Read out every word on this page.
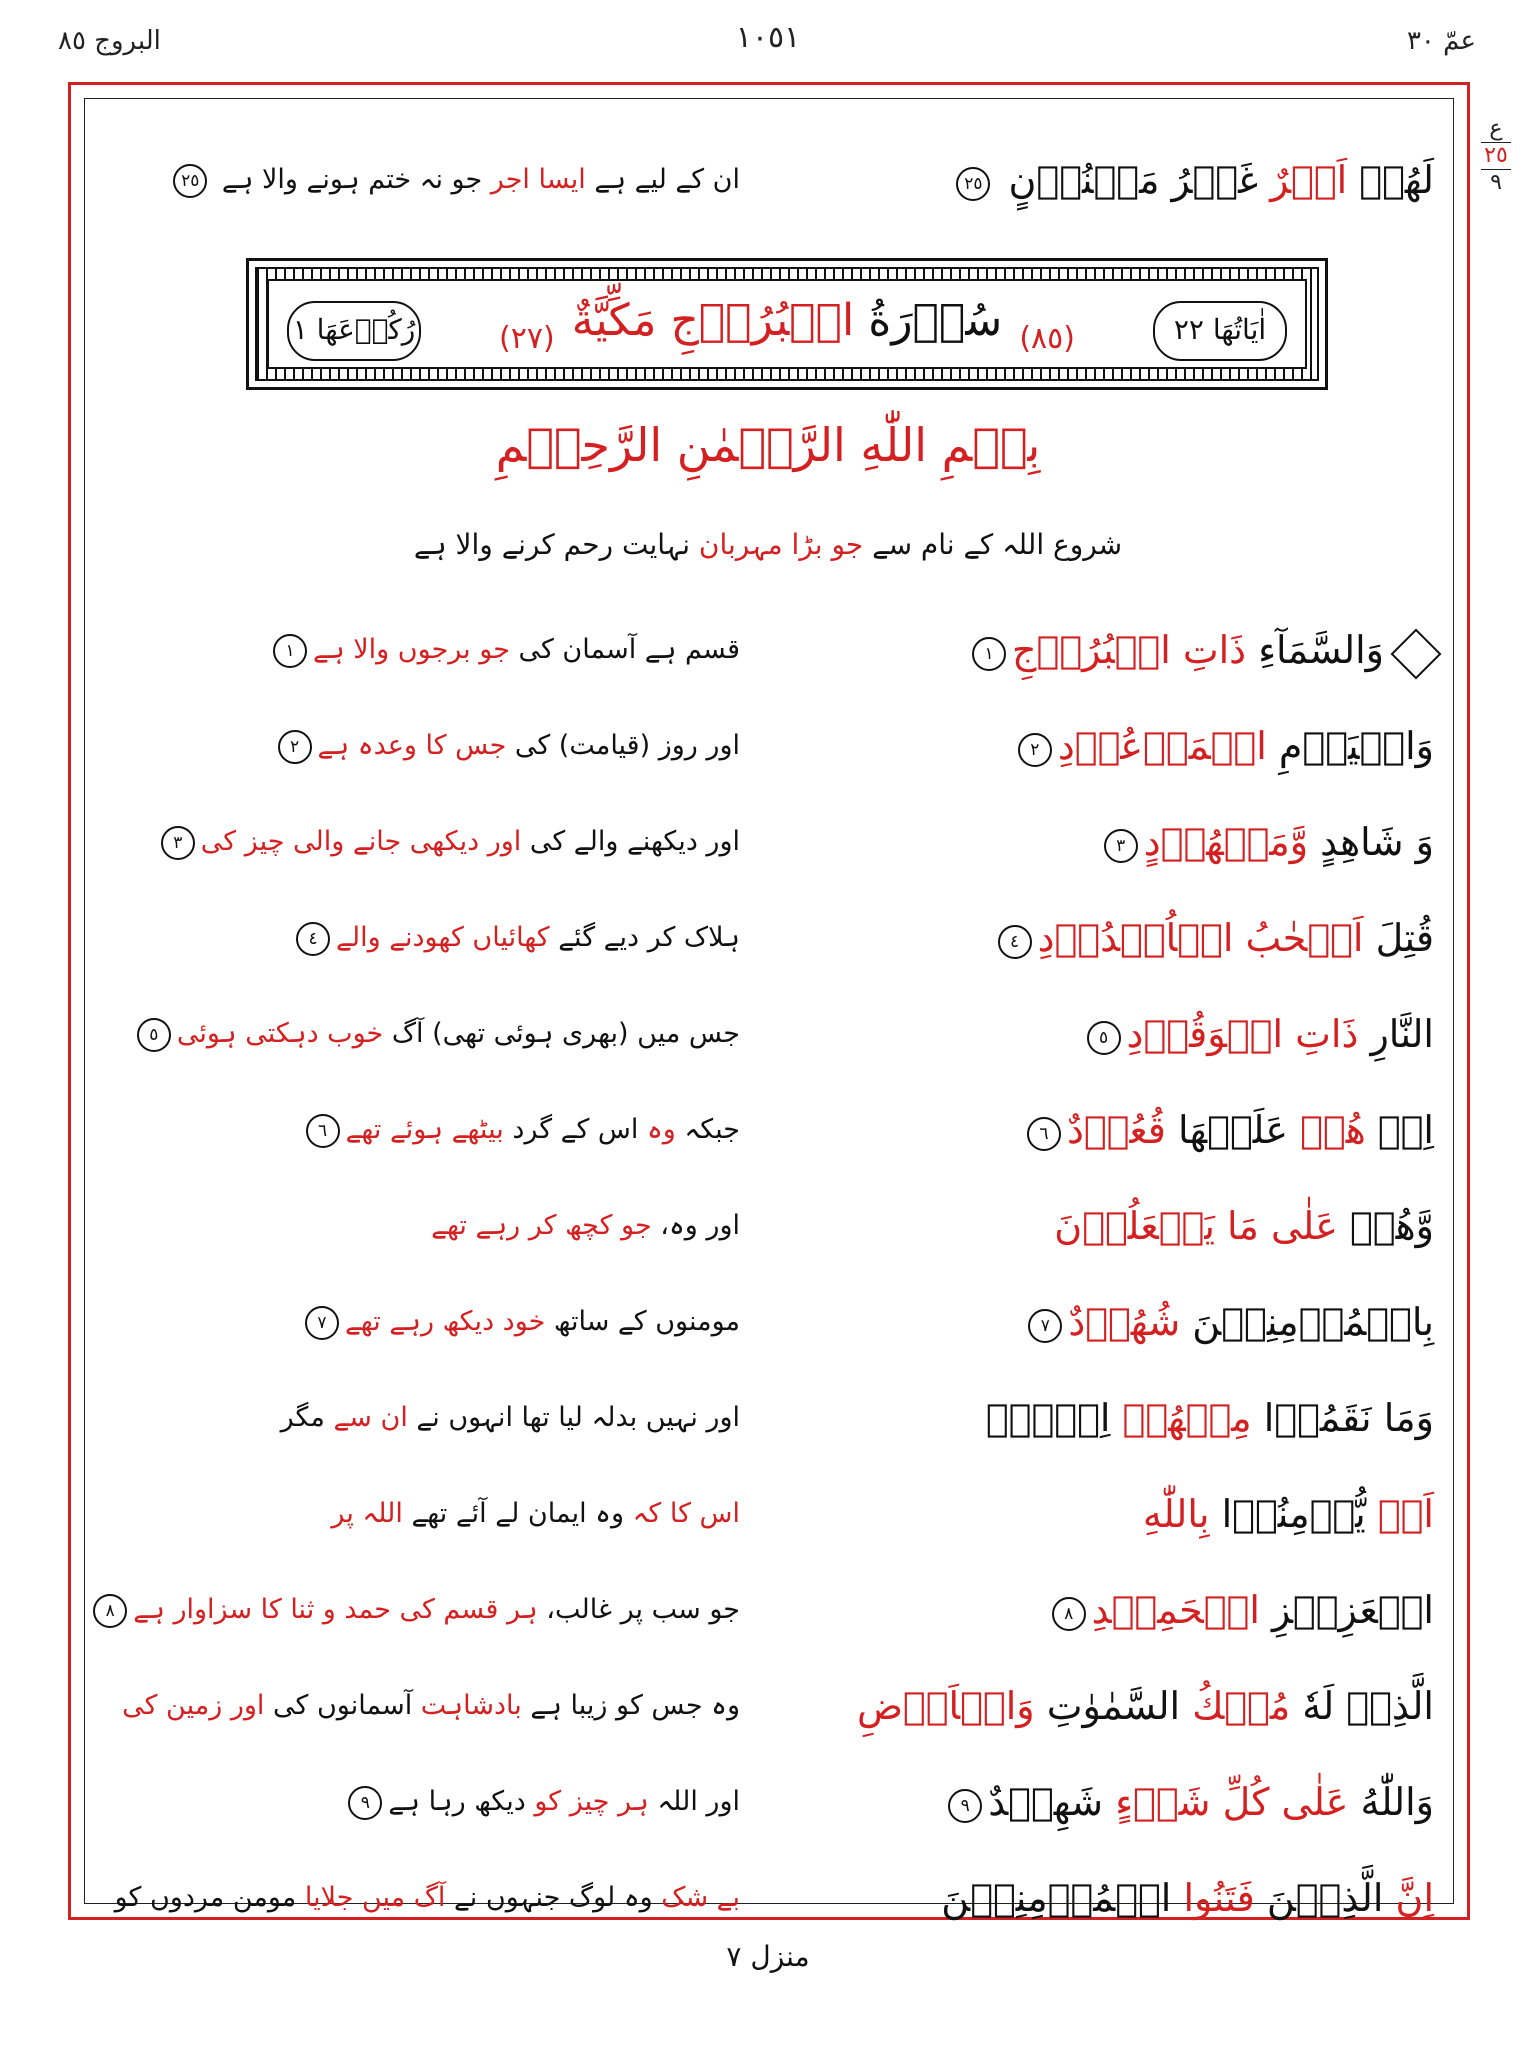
البروج ٨٥	١٠٥١	عمّ ٣٠
ع
٢٥
٩
لَهُمۡ اَجۡرٌ غَيۡرُ مَمۡنُوۡنٍ ٢٥
ان کے لیے ہے ایسا اجر جو نہ ختم ہونے والا ہے ٢٥
اٰيَاتُهَا ٢٢
رُكُوۡعَهَا ١	(٨٥)
(٢٧)	سُوۡرَةُ الۡبُرُوۡجِ مَكِّيَّةٌ
بِسۡمِ اللّٰهِ الرَّحۡمٰنِ الرَّحِيۡمِ
شروع اللہ کے نام سے جو بڑا مہربان نہایت رحم کرنے والا ہے
وَالسَّمَآءِ ذَاتِ الۡبُرُوۡجِ١
قسم ہے آسمان کی جو برجوں والا ہے١
وَالۡيَوۡمِ الۡمَوۡعُوۡدِ٢
اور روز (قیامت) کی جس کا وعدہ ہے٢
وَ شَاهِدٍ وَّمَشۡهُوۡدٍ٣
اور دیکھنے والے کی اور دیکھی جانے والی چیز کی٣
قُتِلَ اَصۡحٰبُ الۡاُخۡدُوۡدِ٤
ہلاک کر دیے گئے کھائیاں کھودنے والے٤
النَّارِ ذَاتِ الۡوَقُوۡدِ٥
جس میں (بھری ہوئی تھی) آگ خوب دہکتی ہوئی٥
اِذۡ هُمۡ عَلَيۡهَا قُعُوۡدٌ٦
جبکہ وہ اس کے گرد بیٹھے ہوئے تھے٦
وَّهُمۡ عَلٰى مَا يَفۡعَلُوۡنَ
اور وہ، جو کچھ کر رہے تھے
بِالۡمُؤۡمِنِيۡنَ شُهُوۡدٌ٧
مومنوں کے ساتھ خود دیکھ رہے تھے٧
وَمَا نَقَمُوۡا مِنۡهُمۡ اِلَّاۤ
اور نہیں بدلہ لیا تھا انہوں نے ان سے مگر
اَنۡ يُّؤۡمِنُوۡا بِاللّٰهِ
اس کا کہ وہ ایمان لے آئے تھے اللہ پر
الۡعَزِيۡزِ الۡحَمِيۡدِ٨
جو سب پر غالب، ہر قسم کی حمد و ثنا کا سزاوار ہے٨
الَّذِىۡ لَهٗ مُلۡكُ السَّمٰوٰتِ وَالۡاَرۡضِ
وہ جس کو زیبا ہے بادشاہت آسمانوں کی اور زمین کی
وَاللّٰهُ عَلٰى كُلِّ شَىۡءٍ شَهِيۡدٌ٩
اور اللہ ہر چیز کو دیکھ رہا ہے٩
اِنَّ الَّذِيۡنَ فَتَنُوا الۡمُؤۡمِنِيۡنَ
بے شک وہ لوگ جنہوں نے آگ میں جلایا مومن مردوں کو
منزل ٧
